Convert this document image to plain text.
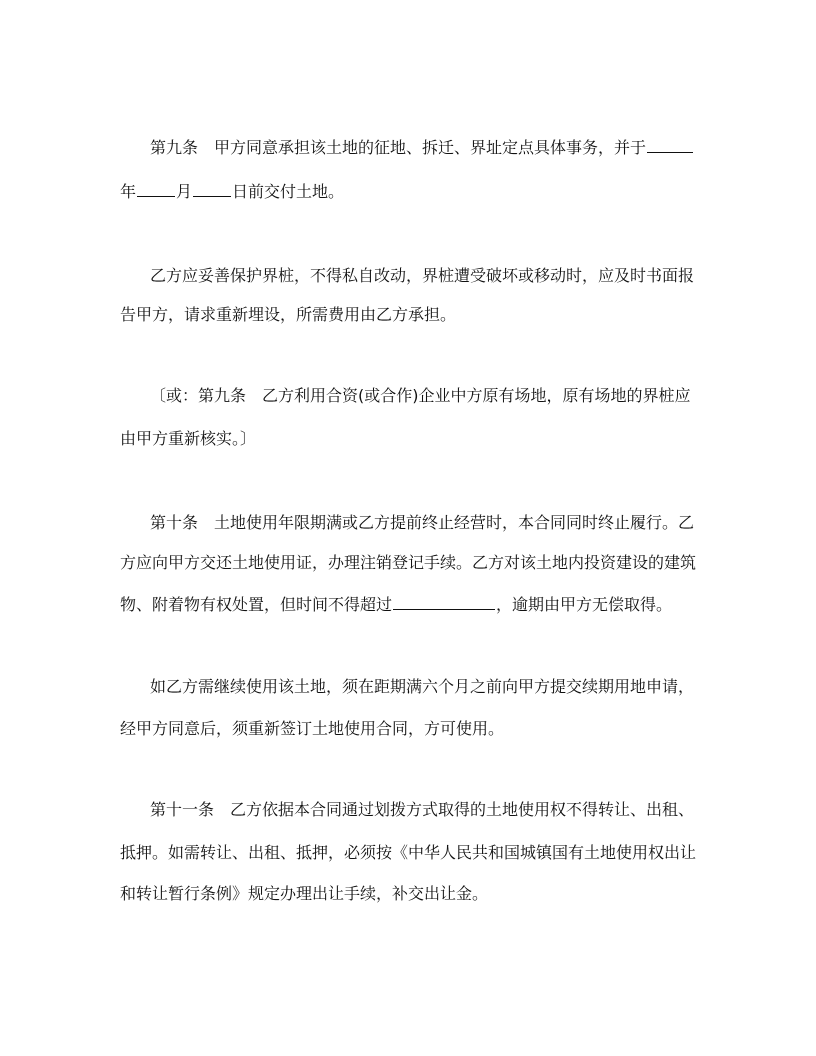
第九条　甲方同意承担该土地的征地、拆迁、界址定点具体事务，并于
年	月	日前交付土地。
乙方应妥善保护界桩，不得私自改动，界桩遭受破坏或移动时，应及时书面报
告甲方，请求重新埋设，所需费用由乙方承担。
〔或：第九条　乙方利用合资(或合作)企业中方原有场地，原有场地的界桩应
由甲方重新核实。〕
第十条　土地使用年限期满或乙方提前终止经营时，本合同同时终止履行。乙
方应向甲方交还土地使用证，办理注销登记手续。乙方对该土地内投资建设的建筑
物、附着物有权处置，但时间不得超过	，逾期由甲方无偿取得。
如乙方需继续使用该土地，须在距期满六个月之前向甲方提交续期用地申请，
经甲方同意后，须重新签订土地使用合同，方可使用。
第十一条　乙方依据本合同通过划拨方式取得的土地使用权不得转让、出租、
抵押。如需转让、出租、抵押，必须按《中华人民共和国城镇国有土地使用权出让
和转让暂行条例》规定办理出让手续，补交出让金。
